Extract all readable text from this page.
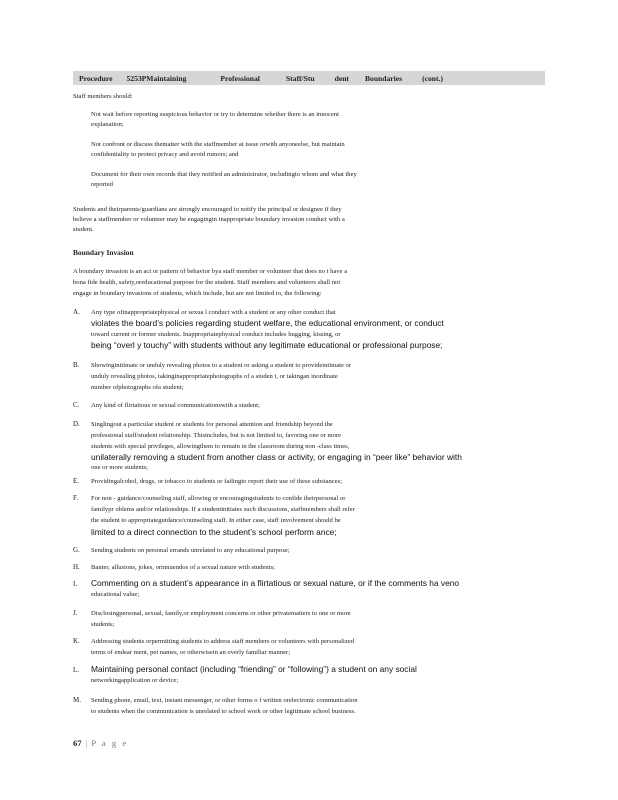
Procedure 5253PMaintaining	Professional	Staff/Stu	dent Boundaries	(cont.)
Staff members should:
Not wait before reporting suspicious behavior or try to determine whether there is an innocent
explanation;
Not confront or discuss thematter with the staffmember at issue orwith anyoneelse, but maintain
confidentiality to protect privacy and avoid rumors; and
Document for their own records that they notified an administrator, includingto whom and what they
reported
Students and theirparents/guardians are strongly encouraged to notify the principal or designee if they
believe a staffmember or volunteer may be engagingin inappropriate boundary invasion conduct with a
student.
Boundary Invasion
A boundary invasion is an act or pattern of behavior bya staff member or volunteer that does no t have a
bona fide health, safety,oreducational purpose for the student. Staff members and volunteers shall not
engage in boundary invasions of students, which include, but are not limited to, the following:
A. Any type ofinappropriatephysical or sexua l conduct with a student or any other conduct that
violates the board’s policies regarding student welfare, the educational environment, or conduct
toward current or former students. Inappropriatephysical conduct includes hugging, kissing, or
being “overl y touchy” with students without any legitimate educational or professional purpose;
B. Showinginitimate or unduly revealing photos to a student or asking a student to provideintimate or
unduly revealing photos, takinginappropriatephotographs of a studen t, or takingan inordinate
number ofphotographs ofa student;
C. Any kind of flirtatious or sexual communicationswith a student;
D. Singlingout a particular student or students for personal attention and friendship beyond the
professional staff/student relationship. Thisincludes, but is not limited to, favoring one or more
students with special privileges, allowingthem to remain in the classroom during non -class times,
unilaterally removing a student from another class or activity, or engaging in “peer like” behavior with
one or more students;
E. Providingalcohol, drugs, or tobacco to students or failingto report their use of these substances;
F. For non - guidance/counseling staff, allowing or encouragingstudents to confide theirpersonal or
familypr oblems and/or relationships. If a studentinitiates such discussions, staffmembers shall refer
the student to appropriateguidance/counseling staff. In either case, staff involvement should be
limited to a direct connection to the student’s school perform ance;
G. Sending students on personal errands unrelated to any educational purpose;
H. Banter, allusions, jokes, orinnuendos of a sexual nature with students;
I. Commenting on a student’s appearance in a flirtatious or sexual nature, or if the comments ha veno
educational value;
J. Disclosingpersonal, sexual, family,or employment concerns or other privatematters to one or more
students;
K. Addressing students orpermitting students to address staff members or volunteers with personalized
terms of endear ment, pet names, or otherwisein an overly familiar manner;
L. Maintaining personal contact (including “friending” or “following”) a student on any social
networkingapplication or device;
M. Sending phone, email, text, instant messenger, or other forms o f written orelectronic communication
to students when the communication is unrelated to school work or other legitimate school business.
67 | P a g e
